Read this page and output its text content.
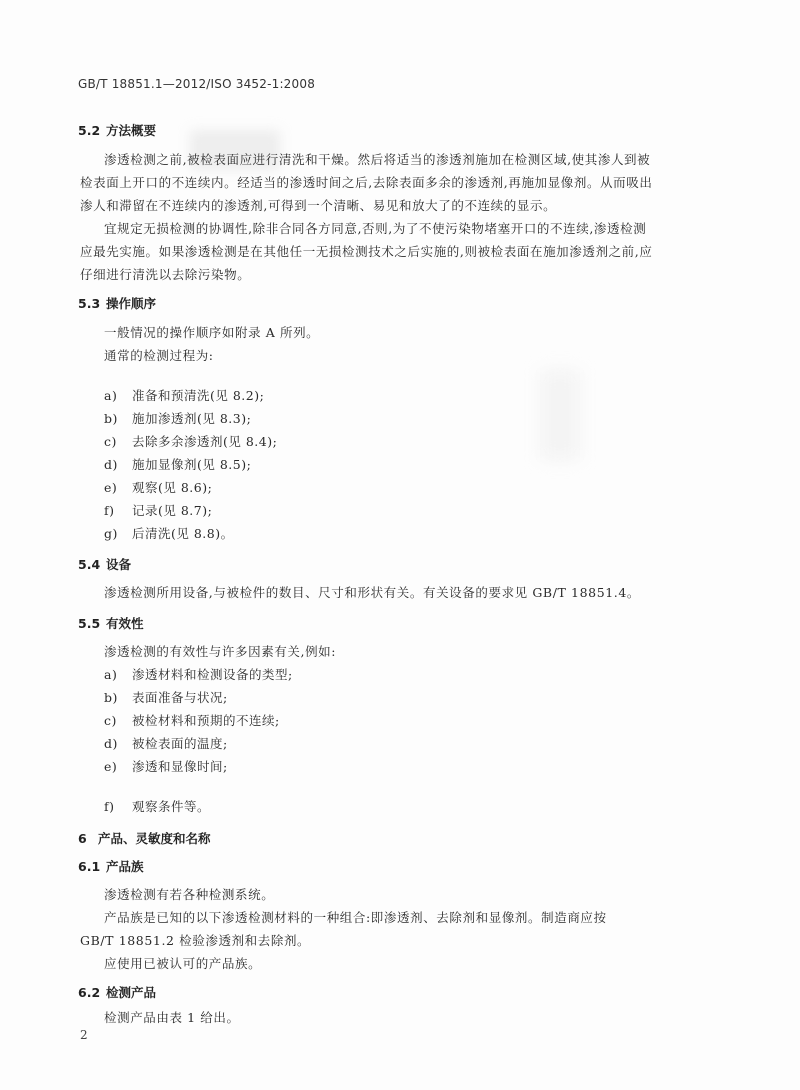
GB/T 18851.1—2012/ISO 3452-1:2008
5.2 方法概要
渗透检测之前,被检表面应进行清洗和干燥。然后将适当的渗透剂施加在检测区域,使其渗人到被
检表面上开口的不连续内。经适当的渗透时间之后,去除表面多余的渗透剂,再施加显像剂。从而吸出
渗人和滞留在不连续内的渗透剂,可得到一个清晰、易见和放大了的不连续的显示。
宜规定无损检测的协调性,除非合同各方同意,否则,为了不使污染物堵塞开口的不连续,渗透检测
应最先实施。如果渗透检测是在其他任一无损检测技术之后实施的,则被检表面在施加渗透剂之前,应
仔细进行清洗以去除污染物。
5.3 操作顺序
一般情况的操作顺序如附录 A 所列。
通常的检测过程为:
a) 准备和预清洗(见 8.2);
b) 施加渗透剂(见 8.3);
c) 去除多余渗透剂(见 8.4);
d) 施加显像剂(见 8.5);
e) 观察(见 8.6);
f) 记录(见 8.7);
g) 后清洗(见 8.8)。
5.4 设备
渗透检测所用设备,与被检件的数目、尺寸和形状有关。有关设备的要求见 GB/T 18851.4。
5.5 有效性
渗透检测的有效性与许多因素有关,例如:
a) 渗透材料和检测设备的类型;
b) 表面准备与状况;
c) 被检材料和预期的不连续;
d) 被检表面的温度;
e) 渗透和显像时间;
f) 观察条件等。
6 产品、灵敏度和名称
6.1 产品族
渗透检测有若各种检测系统。
产品族是已知的以下渗透检测材料的一种组合:即渗透剂、去除剂和显像剂。制造商应按
GB/T 18851.2 检验渗透剂和去除剂。
应使用已被认可的产品族。
6.2 检测产品
检测产品由表 1 给出。
2
